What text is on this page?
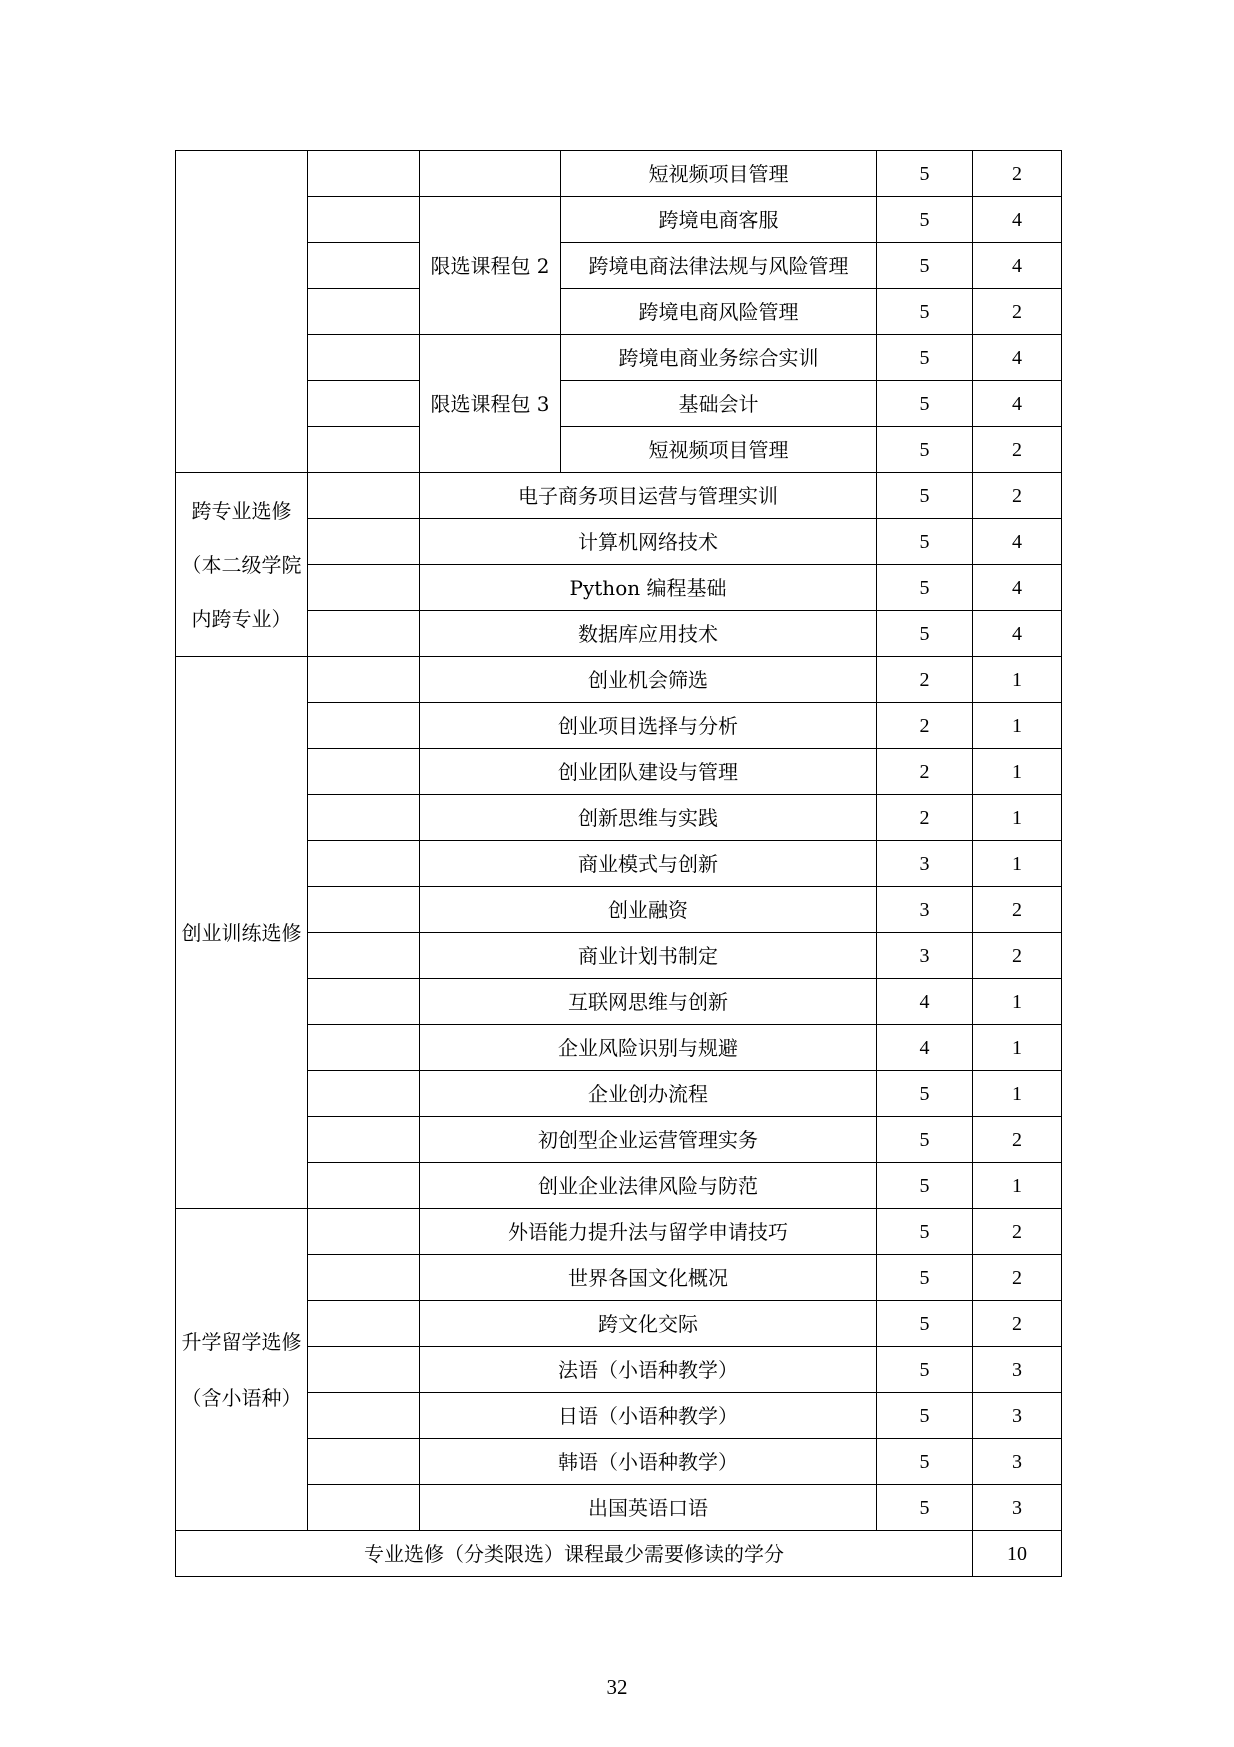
			短视频项目管理	5	2
		限选课程包 2	跨境电商客服	5	4
			跨境电商法律法规与风险管理	5	4
			跨境电商风险管理	5	2
		限选课程包 3	跨境电商业务综合实训	5	4
			基础会计	5	4
			短视频项目管理	5	2

跨专业选修
（本二级学院
内跨专业）		电子商务项目运营与管理实训		5	2
		计算机网络技术		5	4
		Python 编程基础		5	4
		数据库应用技术		5	4
创业训练选修		创业机会筛选		2	1
		创业项目选择与分析		2	1
		创业团队建设与管理		2	1
		创新思维与实践		2	1
		商业模式与创新		3	1
		创业融资		3	2
		商业计划书制定		3	2
		互联网思维与创新		4	1
		企业风险识别与规避		4	1
		企业创办流程		5	1
		初创型企业运营管理实务		5	2
		创业企业法律风险与防范		5	1

升学留学选修
（含小语种）		外语能力提升法与留学申请技巧		5	2
		世界各国文化概况		5	2
		跨文化交际		5	2
		法语（小语种教学）		5	3
		日语（小语种教学）		5	3
		韩语（小语种教学）		5	3
		出国英语口语		5	3
专业选修（分类限选）课程最少需要修读的学分					10
32
